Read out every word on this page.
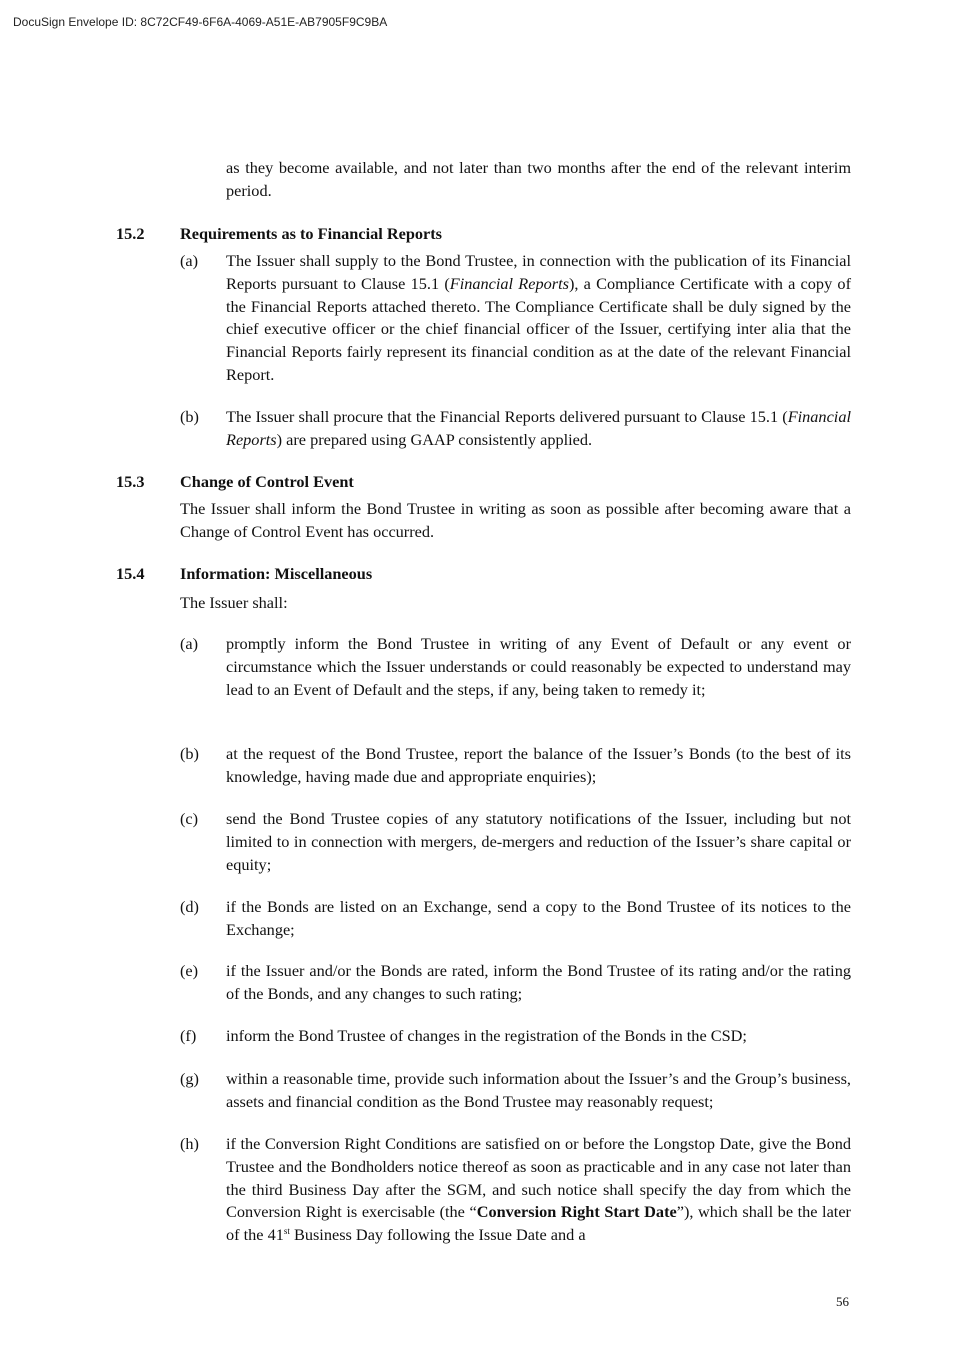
DocuSign Envelope ID: 8C72CF49-6F6A-4069-A51E-AB7905F9C9BA

as they become available, and not later than two months after the end of the relevant interim period.

15.2 Requirements as to Financial Reports
(a) The Issuer shall supply to the Bond Trustee, in connection with the publication of its Financial Reports pursuant to Clause 15.1 (Financial Reports), a Compliance Certificate with a copy of the Financial Reports attached thereto. The Compliance Certificate shall be duly signed by the chief executive officer or the chief financial officer of the Issuer, certifying inter alia that the Financial Reports fairly represent its financial condition as at the date of the relevant Financial Report.

(b) The Issuer shall procure that the Financial Reports delivered pursuant to Clause 15.1 (Financial Reports) are prepared using GAAP consistently applied.

15.3 Change of Control Event

The Issuer shall inform the Bond Trustee in writing as soon as possible after becoming aware that a Change of Control Event has occurred.

15.4 Information: Miscellaneous

The Issuer shall:

(a) promptly inform the Bond Trustee in writing of any Event of Default or any event or circumstance which the Issuer understands or could reasonably be expected to understand may lead to an Event of Default and the steps, if any, being taken to remedy it;

(b) at the request of the Bond Trustee, report the balance of the Issuer’s Bonds (to the best of its knowledge, having made due and appropriate enquiries);

(c) send the Bond Trustee copies of any statutory notifications of the Issuer, including but not limited to in connection with mergers, de-mergers and reduction of the Issuer’s share capital or equity;

(d) if the Bonds are listed on an Exchange, send a copy to the Bond Trustee of its notices to the Exchange;

(e) if the Issuer and/or the Bonds are rated, inform the Bond Trustee of its rating and/or the rating of the Bonds, and any changes to such rating;

(f) inform the Bond Trustee of changes in the registration of the Bonds in the CSD;

(g) within a reasonable time, provide such information about the Issuer’s and the Group’s business, assets and financial condition as the Bond Trustee may reasonably request;

(h) if the Conversion Right Conditions are satisfied on or before the Longstop Date, give the Bond Trustee and the Bondholders notice thereof as soon as practicable and in any case not later than the third Business Day after the SGM, and such notice shall specify the day from which the Conversion Right is exercisable (the “Conversion Right Start Date”), which shall be the later of the 41st Business Day following the Issue Date and a

56
